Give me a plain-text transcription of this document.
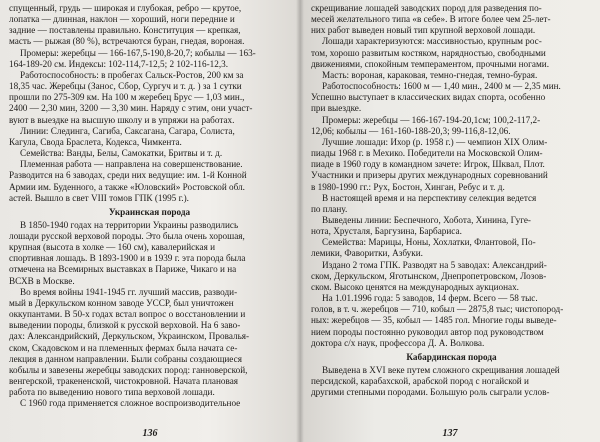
спущенный, грудь — широкая и глубокая, ребро — крутое,
лопатка — длинная, наклон — хороший, ноги передние и
задние — поставлены правильно. Конституция — крепкая,
масть — рыжая (80 %), встречаются буран, гнедая, вороная.

Промеры: жеребцы — 166-167,5-190,8-20,7; кобылы — 163-
164-189-20 см. Индексы: 102-114,7-12,5; 2 102-116-12,3.

Работоспособность: в пробегах Сальск-Ростов, 200 км за
18,35 час. Жеребцы (Занос, Сбор, Сургуч и т. д. ) за 1 сутки
прошли по 275-309 км. На 100 м жеребец Брус — 1,03 мин.,
2400 — 2,30 мин, 3200 — 3,30 мин. Наряду с этим, они участ-
вуют в выездке на высшую школу и в упряжи на работах.

Линии: Слединга, Сагиба, Саксагана, Сагара, Солиста,
Кагула, Свода Браслета, Кодекса, Чимкента.

Семейства: Ванды, Белы, Самокатки, Бритвы и т. д.

Племенная работа — направлена на совершенствование.
Разводится на 6 заводах, среди них ведущие: им. 1-й Конной
Армии им. Буденного, а также «Юловский» Ростовской обл.
астей. Вышло в свет VIII томов ГПК (1995 г.).

Украинская порода

В 1850-1940 годах на территории Украины разводились
лошади русской верховой породы. Это была очень хорошая,
крупная (высота в холке — 160 см), кавалерийская и
спортивная лошадь. В 1893-1900 и в 1939 г. эта порода была
отмечена на Всемирных выставках в Париже, Чикаго и на
ВСХВ в Москве.

Во время войны 1941-1945 гг. лучший массив, разводи-
мый в Деркульском конном заводе УССР, был уничтожен
оккупантами. В 50-х годах встал вопрос о восстановлении и
выведении породы, близкой к русской верховой. На 6 заво-
дах: Александрийский, Деркульском, Украинском, Провалья-
ском, Скадовском и на племенных фермах была начата се-
лекция в данном направлении. Были собраны создающиеся
кобылы и завезены жеребцы заводских пород: ганноверской,
венгерской, тракененской, чистокровной. Начата плановая
работа по выведению нового типа верховой лошади.

С 1960 года применяется сложное воспроизводительное

136

скрещивание лошадей заводских пород для разведения по-
месей желательного типа «в себе». В итоге более чем 25-лет-
них работ выведен новый тип крупной верховой лошади.

Лошади характеризуются: массивностью, крупным рос-
том, хорошо развитым костяком, нарядностью, свободными
движениями, спокойным темпераментом, прочными ногами.

Масть: вороная, караковая, темно-гнедая, темно-бурая.

Работоспособность: 1600 м — 1,40 мин., 2400 м — 2,35 мин.
Успешно выступает в классических видах спорта, особенно
при выездке.

Промеры: жеребцы — 166-167-194-20,1см; 100,2-117,2-
12,06; кобылы — 161-160-188-20,3; 99-116,8-12,06.

Лучшие лошади: Ихор (р. 1958 г.) — чемпион XIX Олим-
пиады 1968 г. в Мехико. Победители на Московской Олим-
пиаде в 1960 году в командном зачете: Игрок, Шквал, Плот.
Участники и призеры других международных соревнований
в 1980-1990 гг.: Рух, Бостон, Хинган, Ребус и т. д.

В настоящей время и на перспективу селекция ведется
по плану.

Выведены линии: Беспечного, Хобота, Хинина, Гуге-
нота, Хрусталя, Баргузина, Барбариса.

Семейства: Марицы, Ноны, Хохлатки, Флантовой, По-
лемики, Фаворитки, Азбуки.

Издано 2 тома ГПК. Разводят на 5 заводах: Александрий-
ском, Деркульском, Яготынском, Днепропетровском, Лозов-
ском. Высоко ценятся на международных аукционах.

На 1.01.1996 года: 5 заводов, 14 ферм. Всего — 58 тыс.
голов, в т. ч. жеребцов — 710, кобыл — 2875,8 тыс; чистопород-
ных: жеребцов — 35, кобыл — 1485 гол. Многие годы выведе-
нием породы постоянно руководил автор под руководством
доктора с/х наук, профессора Д. А. Волкова.

Кабардинская порода

Выведена в XVI веке путем сложного скрещивания лошадей
персидской, карабахской, арабской пород с ногайской и
другими степными породами. Большую роль сыграли услов-

137
